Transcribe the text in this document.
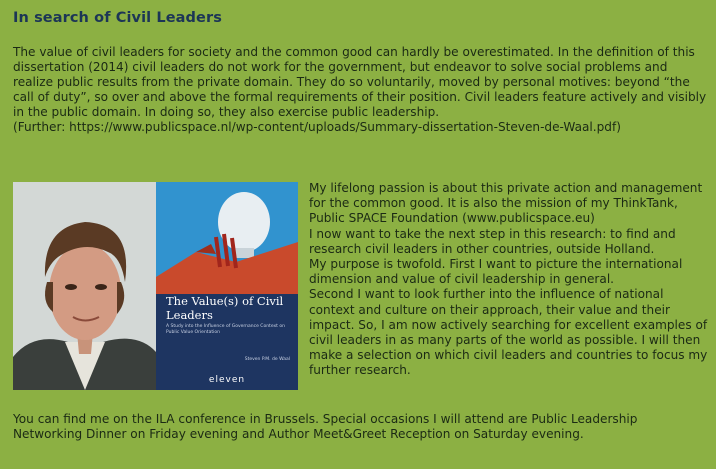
In search of Civil Leaders

The value of civil leaders for society and the common good can hardly be overestimated. In the definition of this dissertation (2014) civil leaders do not work for the government, but endeavor to solve social problems and realize public results from the private domain. They do so voluntarily, moved by personal motives: beyond “the call of duty”, so over and above the formal requirements of their position. Civil leaders feature actively and visibly in the public domain. In doing so, they also exercise public leadership.

(Further: https://www.publicspace.nl/wp-content/uploads/Summary-dissertation-Steven-de-Waal.pdf)

The Value(s) of Civil Leaders
A Study into the Influence of Governance Context on Public Value Orientation
Steven P.M. de Waal
eleven

My lifelong passion is about this private action and management for the common good. It is also the mission of my ThinkTank, Public SPACE Foundation (www.publicspace.eu)

I now want to take the next step in this research: to find and research civil leaders in other countries, outside Holland.

My purpose is twofold. First I want to picture the international dimension and value of civil leadership in general.

Second I want to look further into the influence of national context and culture on their approach, their value and their impact. So, I am now actively searching for excellent examples of civil leaders in as many parts of the world as possible. I will then make a selection on which civil leaders and countries to focus my further research.

You can find me on the ILA conference in Brussels. Special occasions I will attend are Public Leadership Networking Dinner on Friday evening and Author Meet&Greet Reception on Saturday evening.
